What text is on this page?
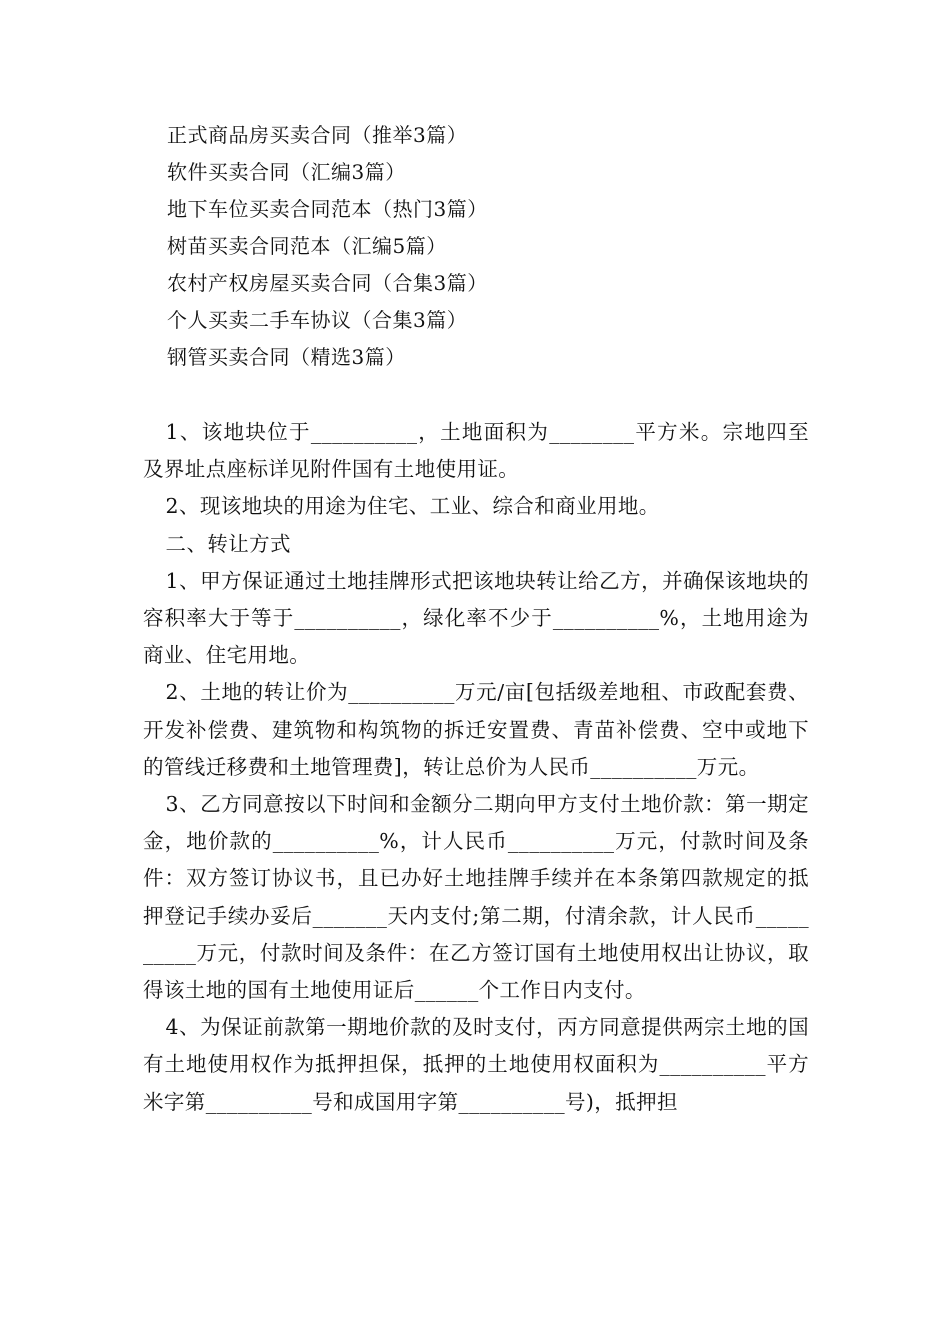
正式商品房买卖合同（推举3篇）
软件买卖合同（汇编3篇）
地下车位买卖合同范本（热门3篇）
树苗买卖合同范本（汇编5篇）
农村产权房屋买卖合同（合集3篇）
个人买卖二手车协议（合集3篇）
钢管买卖合同（精选3篇）

1、该地块位于__________，土地面积为________平方米。宗地四至及界址点座标详见附件国有土地使用证。

2、现该地块的用途为住宅、工业、综合和商业用地。

二、转让方式

1、甲方保证通过土地挂牌形式把该地块转让给乙方，并确保该地块的容积率大于等于__________，绿化率不少于__________%，土地用途为商业、住宅用地。

2、土地的转让价为__________万元/亩[包括级差地租、市政配套费、开发补偿费、建筑物和构筑物的拆迁安置费、青苗补偿费、空中或地下的管线迁移费和土地管理费]，转让总价为人民币__________万元。

3、乙方同意按以下时间和金额分二期向甲方支付土地价款：第一期定金，地价款的__________%，计人民币__________万元，付款时间及条件：双方签订协议书，且已办好土地挂牌手续并在本条第四款规定的抵押登记手续办妥后_______天内支付;第二期，付清余款，计人民币__________万元，付款时间及条件：在乙方签订国有土地使用权出让协议，取得该土地的国有土地使用证后______个工作日内支付。

4、为保证前款第一期地价款的及时支付，丙方同意提供两宗土地的国有土地使用权作为抵押担保，抵押的土地使用权面积为__________平方米字第__________号和成国用字第__________号)，抵押担
